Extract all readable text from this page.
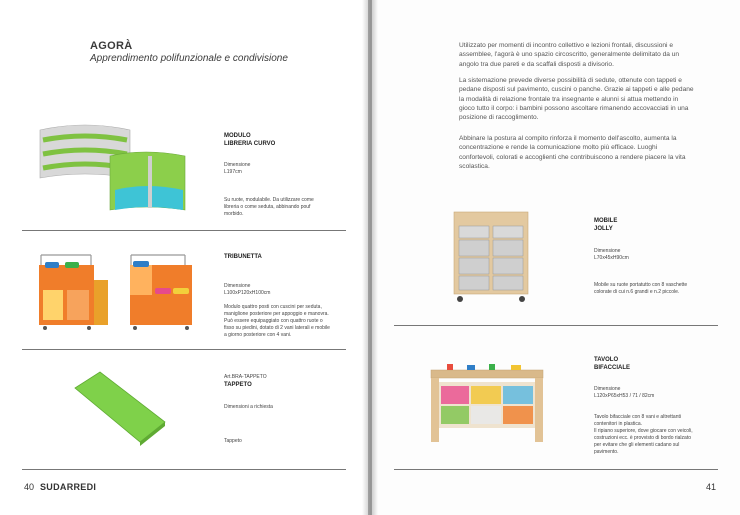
AGORÀ
Apprendimento polifunzionale e condivisione
MODULO
LIBRERIA CURVO
Dimensione
L197cm
Su ruote, modulabile. Da utilizzare come
libreria o come seduta, abbinando pouf
morbido.
TRIBUNETTA
Dimensione
L100xP120xH100cm
Modulo quattro posti con cuscini per seduta,
maniglione posteriore per appoggio e manovra.
Può essere equipaggiato con quattro ruote o
fisso su piedini, dotato di 2 vani laterali e mobile
a giorno posteriore con 4 vani.
Art.BRA-TAPPETO
TAPPETO
Dimensioni a richiesta
Tappeto
40 SUDARREDI
Utilizzato per momenti di incontro collettivo e lezioni frontali, discussioni e
assemblee, l'agorà è uno spazio circoscritto, generalmente delimitato da un
angolo tra due pareti e da scaffali disposti a divisorio.
La sistemazione prevede diverse possibilità di sedute, ottenute con tappeti e
pedane disposti sul pavimento, cuscini o panche. Grazie ai tappeti e alle pedane
la modalità di relazione frontale tra insegnante e alunni si attua mettendo in
gioco tutto il corpo: i bambini possono ascoltare rimanendo accovacciati in una
posizione di raccoglimento.
Abbinare la postura al compito rinforza il momento dell'ascolto, aumenta la
concentrazione e rende la comunicazione molto più efficace. Luoghi
confortevoli, colorati e accoglienti che contribuiscono a rendere piacere la vita
scolastica.
MOBILE
JOLLY
Dimensione
L70x45xH90cm
Mobile su ruote portatutto con 8 vaschette
colorate di cui n.6 grandi e n.2 piccole.
TAVOLO
BIFACCIALE
Dimensione
L120xP65xH53 / 71 / 82cm
Tavolo bifacciale con 8 vani e altrettanti
contenitori in plastica.
Il ripiano superiore, dove giocare con veicoli,
costruzioni ecc. è provvisto di bordo rialzato
per evitare che gli elementi cadano sul
pavimento.
41
